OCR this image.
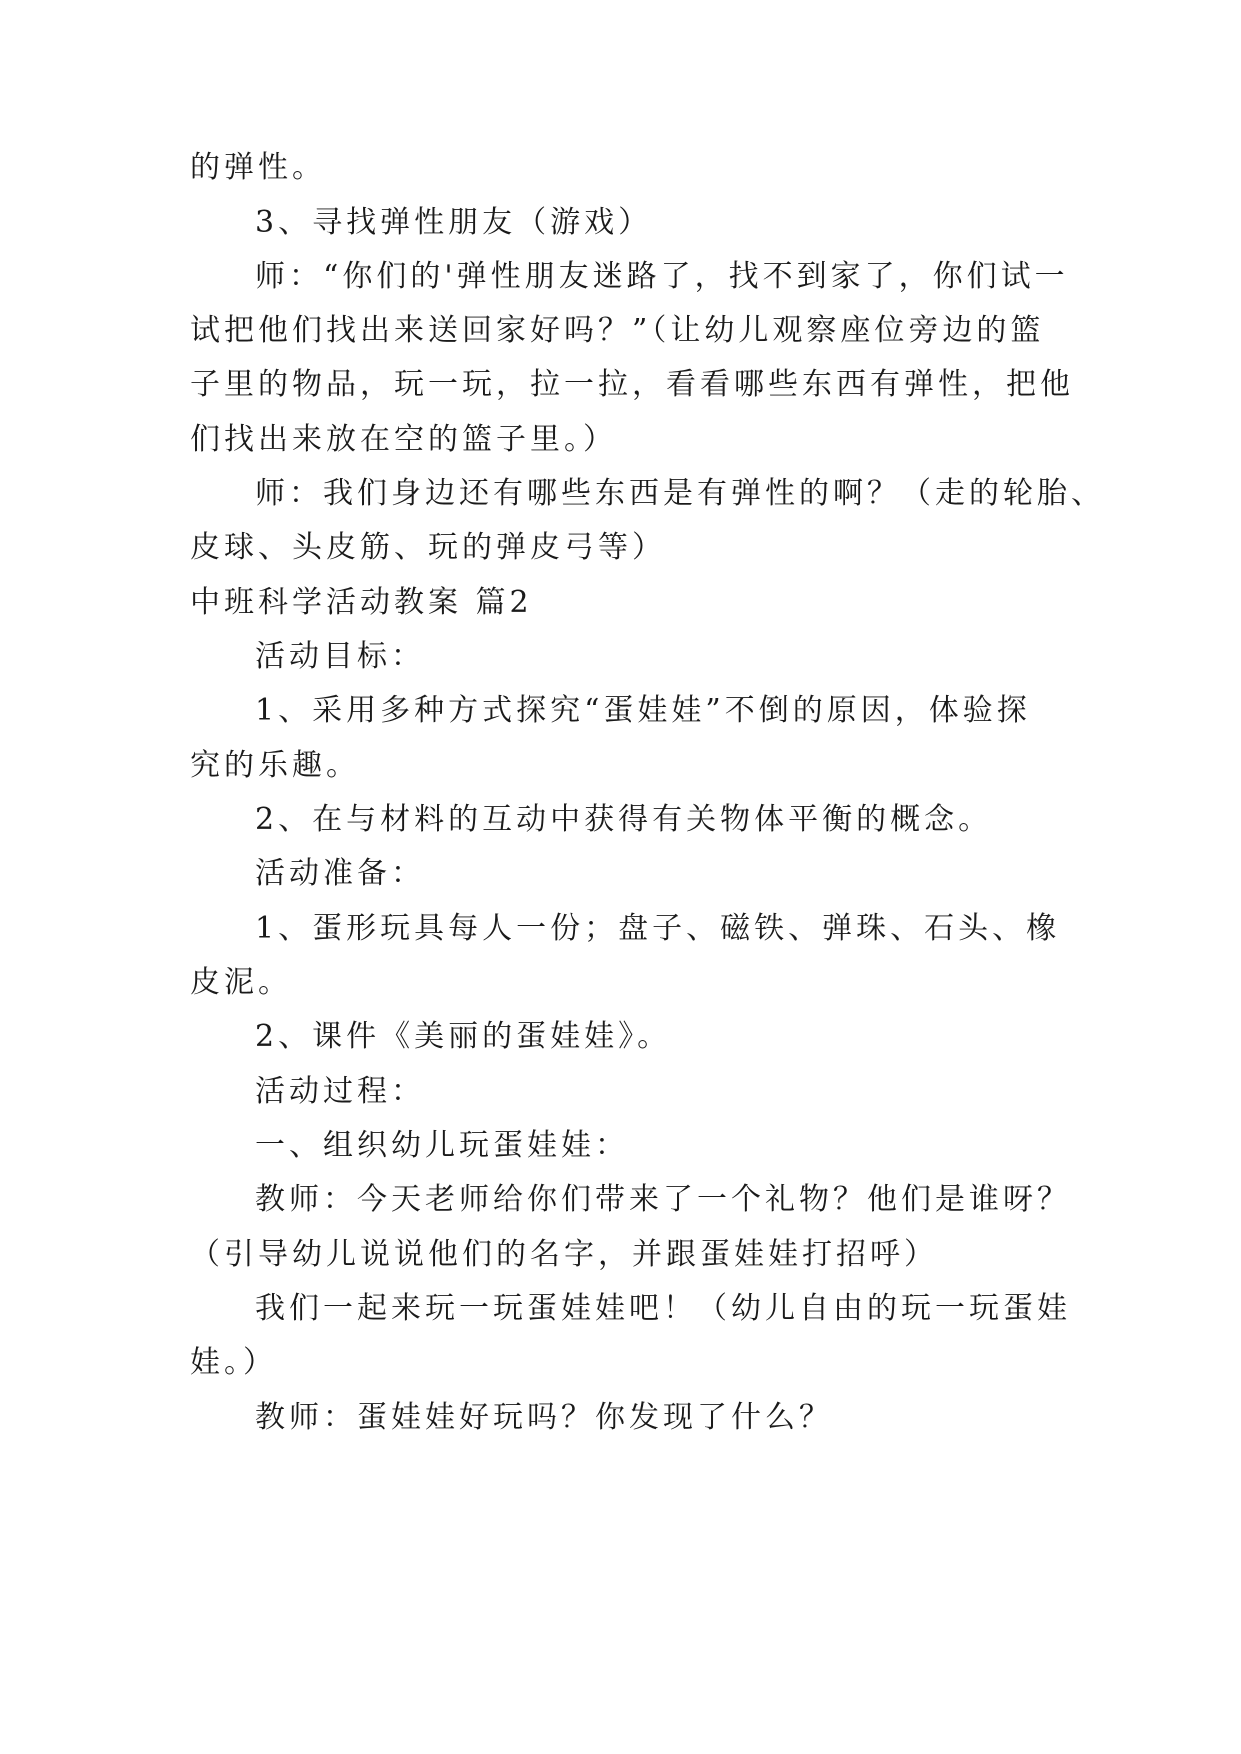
的弹性。
3、寻找弹性朋友（游戏）
师：“你们的'弹性朋友迷路了，找不到家了，你们试一
试把他们找出来送回家好吗？”（让幼儿观察座位旁边的篮
子里的物品，玩一玩，拉一拉，看看哪些东西有弹性，把他
们找出来放在空的篮子里。）
师：我们身边还有哪些东西是有弹性的啊？（走的轮胎、
皮球、头皮筋、玩的弹皮弓等）
中班科学活动教案 篇2
活动目标：
1、采用多种方式探究“蛋娃娃”不倒的原因，体验探
究的乐趣。
2、在与材料的互动中获得有关物体平衡的概念。
活动准备：
1、蛋形玩具每人一份；盘子、磁铁、弹珠、石头、橡
皮泥。
2、课件《美丽的蛋娃娃》。
活动过程：
一、组织幼儿玩蛋娃娃：
教师：今天老师给你们带来了一个礼物？他们是谁呀？
（引导幼儿说说他们的名字，并跟蛋娃娃打招呼）
我们一起来玩一玩蛋娃娃吧！（幼儿自由的玩一玩蛋娃
娃。）
教师：蛋娃娃好玩吗？你发现了什么？
